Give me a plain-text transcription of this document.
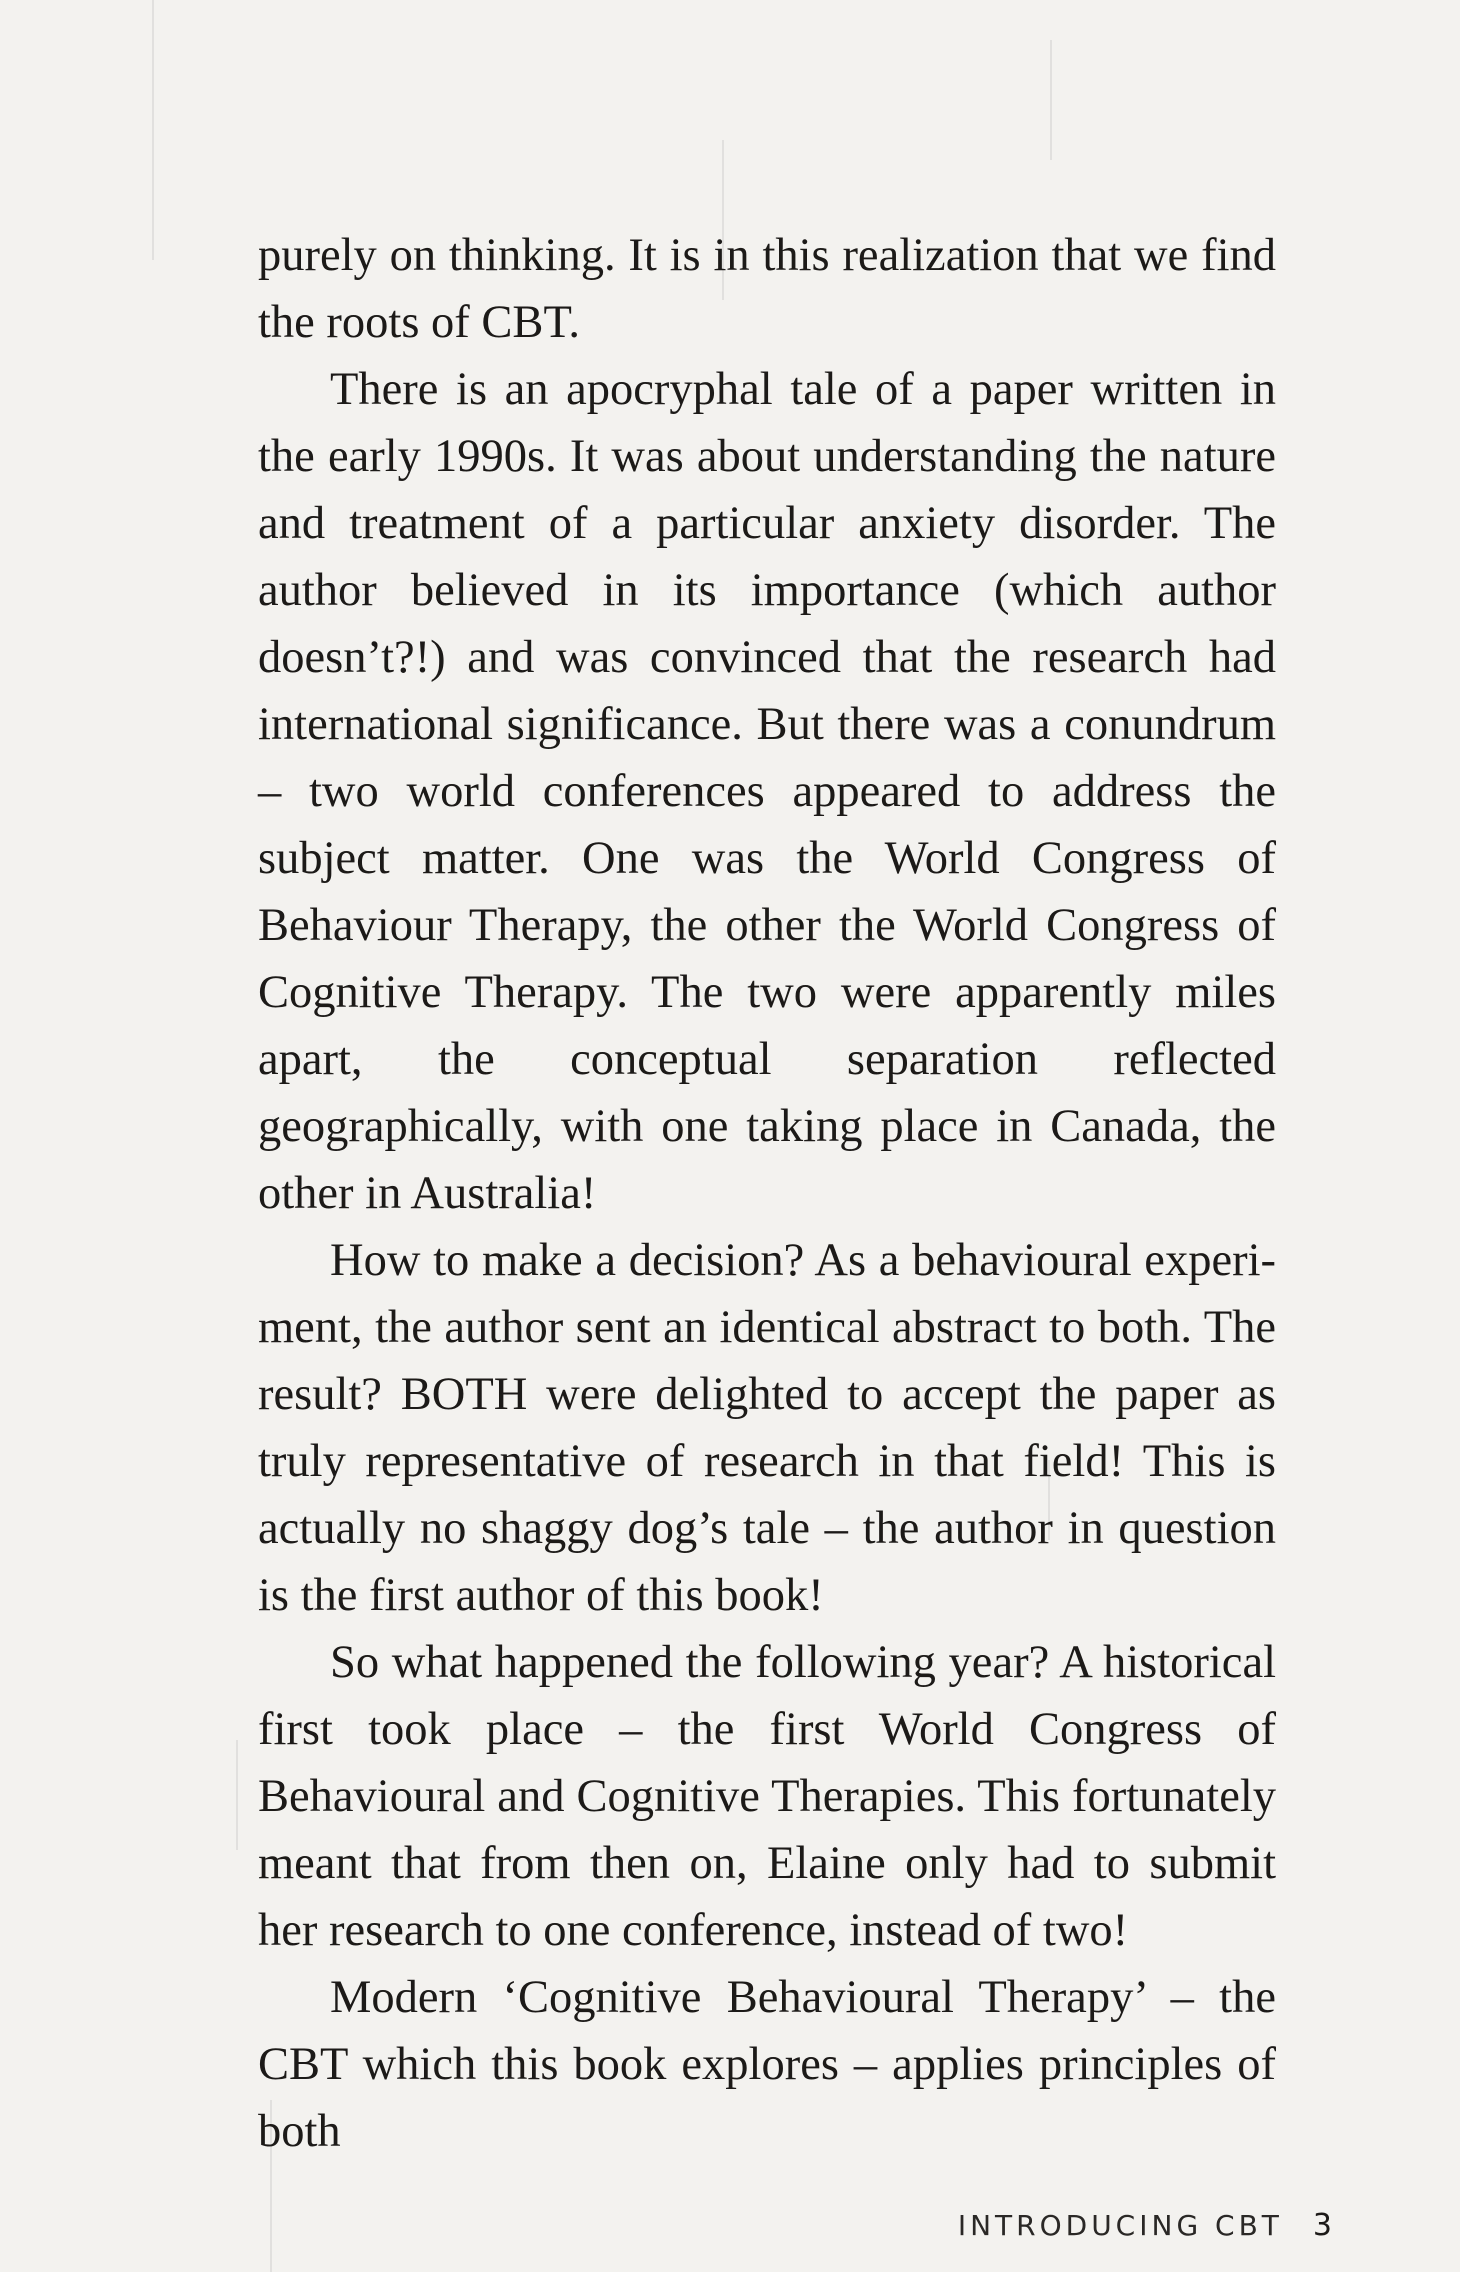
purely on thinking. It is in this realization that we find the roots of CBT.

There is an apocryphal tale of a paper written in the early 1990s. It was about understanding the nature and treatment of a particular anxiety disorder. The author believed in its importance (which author doesn’t?!) and was convinced that the research had international significance. But there was a conundrum – two world conferences appeared to address the subject matter. One was the World Congress of Behaviour Therapy, the other the World Congress of Cognitive Therapy. The two were apparently miles apart, the conceptual separation reflected geographically, with one taking place in Canada, the other in Australia!

How to make a decision? As a behavioural experiment, the author sent an identical abstract to both. The result? BOTH were delighted to accept the paper as truly representative of research in that field! This is actually no shaggy dog’s tale – the author in question is the first author of this book!

So what happened the following year? A historical first took place – the first World Congress of Behavioural and Cognitive Therapies. This fortunately meant that from then on, Elaine only had to submit her research to one conference, instead of two!

Modern ‘Cognitive Behavioural Therapy’ – the CBT which this book explores – applies principles of both

INTRODUCING CBT 3
